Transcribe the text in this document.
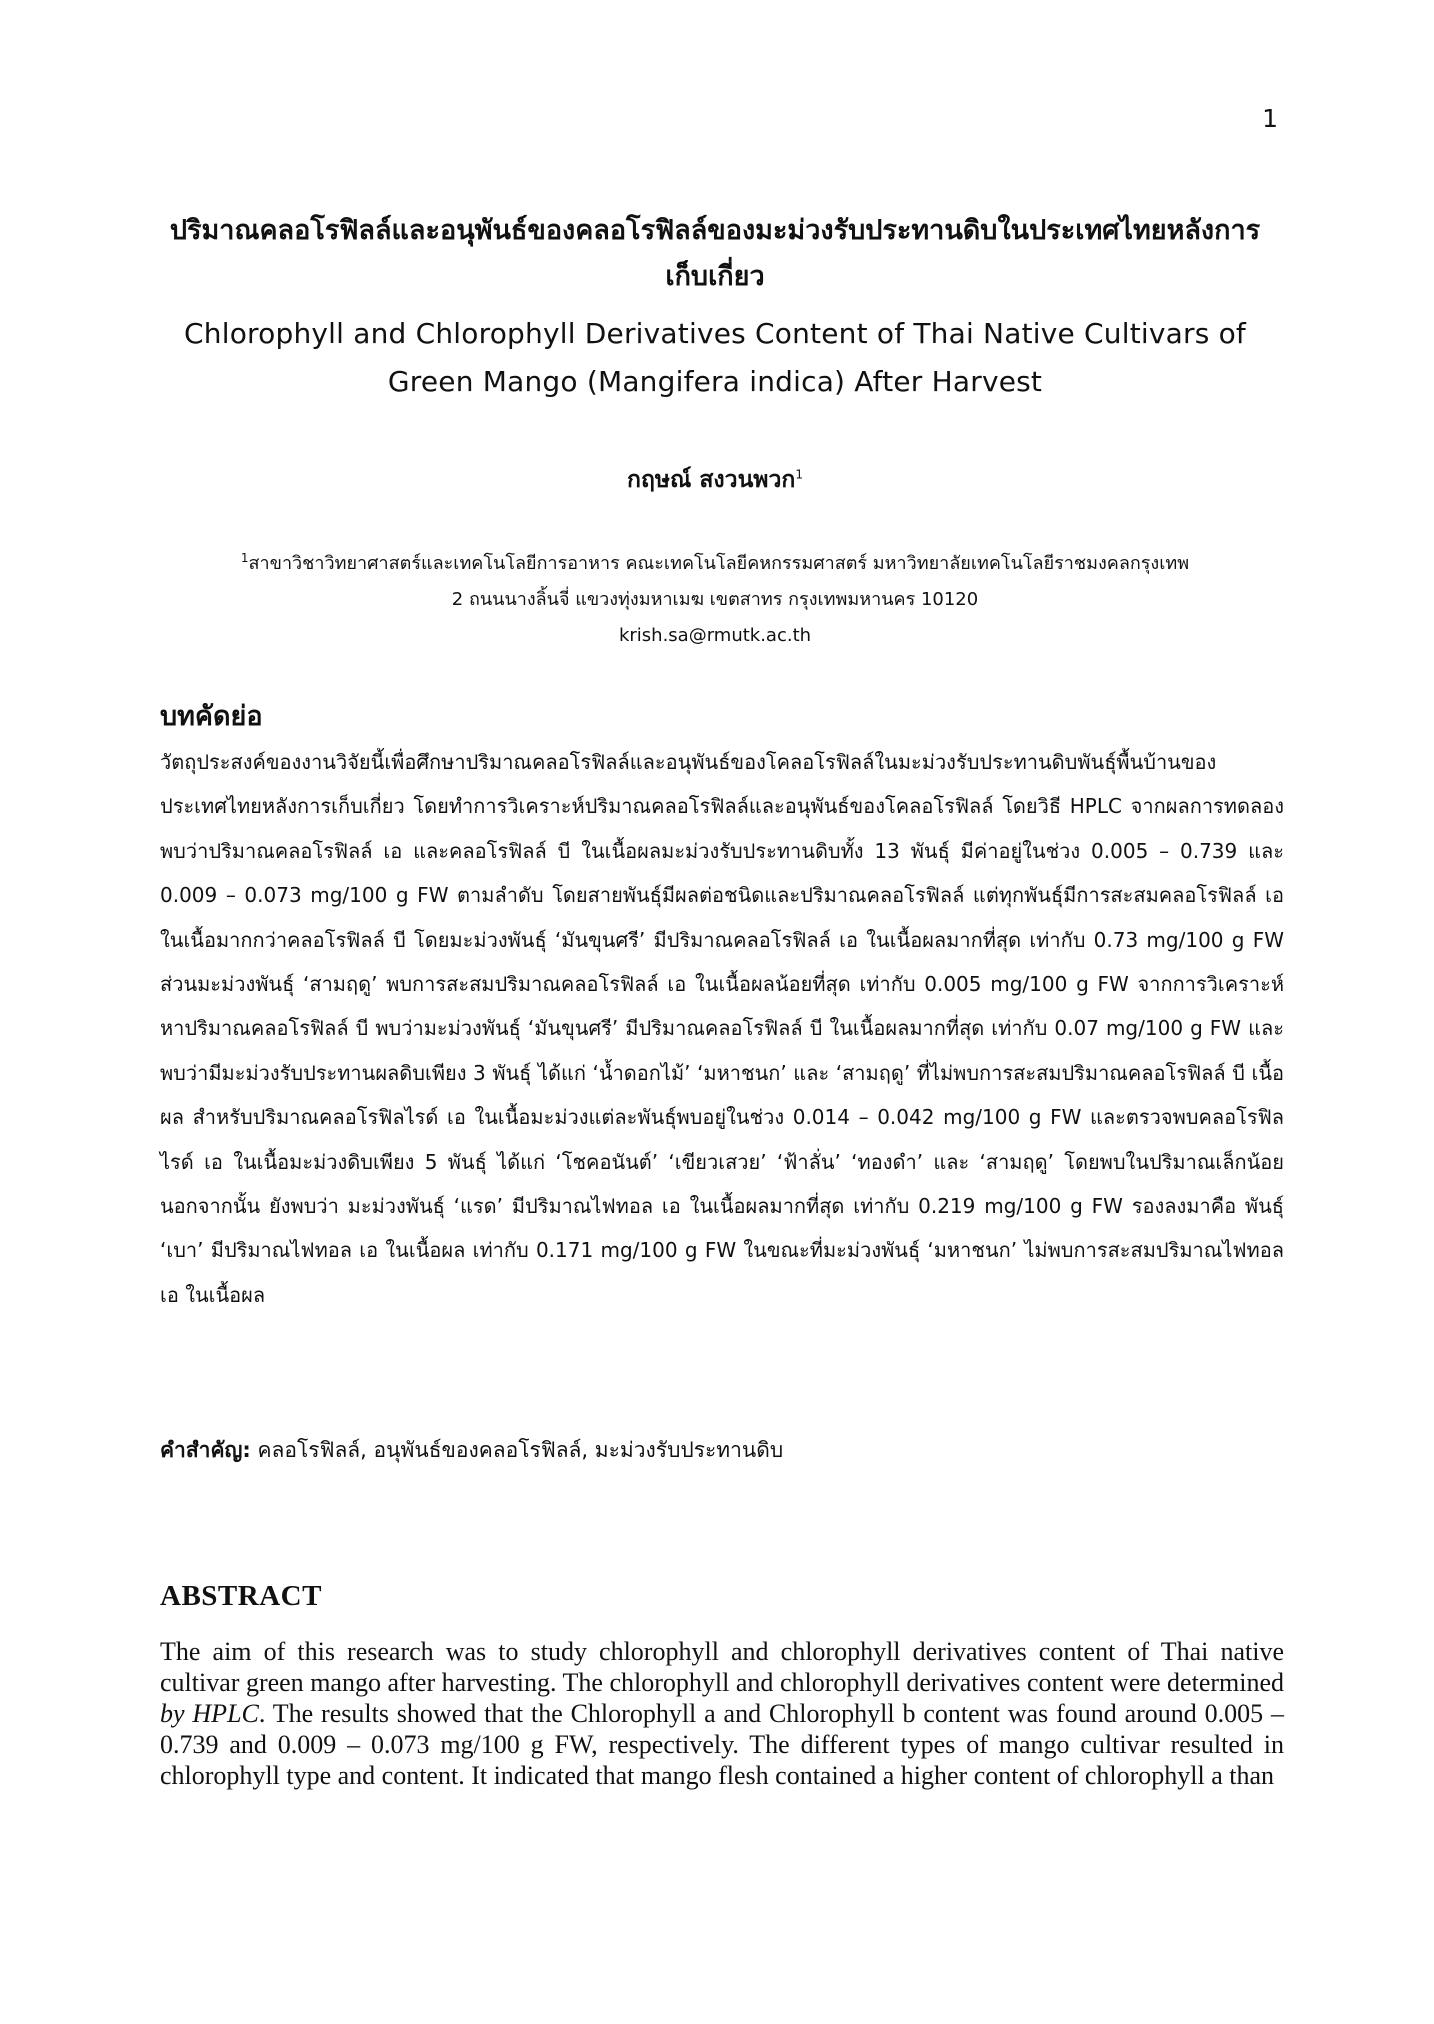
1

ปริมาณคลอโรฟิลล์และอนุพันธ์ของคลอโรฟิลล์ของมะม่วงรับประทานดิบในประเทศไทยหลังการเก็บเกี่ยว

Chlorophyll and Chlorophyll Derivatives Content of Thai Native Cultivars of Green Mango (Mangifera indica) After Harvest

กฤษณ์ สงวนพวก$^1$

$^1$สาขาวิชาวิทยาศาสตร์และเทคโนโลยีการอาหาร คณะเทคโนโลยีคหกรรมศาสตร์ มหาวิทยาลัยเทคโนโลยีราชมงคลกรุงเทพ

2 ถนนนางลิ้นจี่ แขวงทุ่งมหาเมฆ เขตสาทร กรุงเทพมหานคร 10120

krish.sa@rmutk.ac.th

บทคัดย่อ

วัตถุประสงค์ของงานวิจัยนี้เพื่อศึกษาปริมาณคลอโรฟิลล์และอนุพันธ์ของโคลอโรฟิลล์ในมะม่วงรับประทานดิบพันธุ์พื้นบ้านของประเทศไทยหลังการเก็บเกี่ยว โดยทำการวิเคราะห์ปริมาณคลอโรฟิลล์และอนุพันธ์ของโคลอโรฟิลล์ โดยวิธี HPLC จากผลการทดลองพบว่าปริมาณคลอโรฟิลล์ เอ และคลอโรฟิลล์ บี ในเนื้อผลมะม่วงรับประทานดิบทั้ง 13 พันธุ์ มีค่าอยู่ในช่วง 0.005 – 0.739 และ 0.009 – 0.073 mg/100 g FW ตามลำดับ โดยสายพันธุ์มีผลต่อชนิดและปริมาณคลอโรฟิลล์ แต่ทุกพันธุ์มีการสะสมคลอโรฟิลล์ เอ ในเนื้อมากกว่าคลอโรฟิลล์ บี โดยมะม่วงพันธุ์ ‘มันขุนศรี’ มีปริมาณคลอโรฟิลล์ เอ ในเนื้อผลมากที่สุด เท่ากับ 0.73 mg/100 g FW ส่วนมะม่วงพันธุ์ ‘สามฤดู’ พบการสะสมปริมาณคลอโรฟิลล์ เอ ในเนื้อผลน้อยที่สุด เท่ากับ 0.005 mg/100 g FW จากการวิเคราะห์หาปริมาณคลอโรฟิลล์ บี พบว่ามะม่วงพันธุ์ ‘มันขุนศรี’ มีปริมาณคลอโรฟิลล์ บี ในเนื้อผลมากที่สุด เท่ากับ 0.07 mg/100 g FW และพบว่ามีมะม่วงรับประทานผลดิบเพียง 3 พันธุ์ ได้แก่ ‘น้ำดอกไม้’ ‘มหาชนก’ และ ‘สามฤดู’ ที่ไม่พบการสะสมปริมาณคลอโรฟิลล์ บี เนื้อผล สำหรับปริมาณคลอโรฟิลไรด์ เอ ในเนื้อมะม่วงแต่ละพันธุ์พบอยู่ในช่วง 0.014 – 0.042 mg/100 g FW และตรวจพบคลอโรฟิลไรด์ เอ ในเนื้อมะม่วงดิบเพียง 5 พันธุ์ ได้แก่ ‘โชคอนันต์’ ‘เขียวเสวย’ ‘ฟ้าลั่น’ ‘ทองดำ’ และ ‘สามฤดู’ โดยพบในปริมาณเล็กน้อย นอกจากนั้น ยังพบว่า มะม่วงพันธุ์ ‘แรด’ มีปริมาณไฟทอล เอ ในเนื้อผลมากที่สุด เท่ากับ 0.219 mg/100 g FW รองลงมาคือ พันธุ์ ‘เบา’ มีปริมาณไฟทอล เอ ในเนื้อผล เท่ากับ 0.171 mg/100 g FW ในขณะที่มะม่วงพันธุ์ ‘มหาชนก’ ไม่พบการสะสมปริมาณไฟทอล เอ ในเนื้อผล

คำสำคัญ: คลอโรฟิลล์, อนุพันธ์ของคลอโรฟิลล์, มะม่วงรับประทานดิบ
ABSTRACT

The aim of this research was to study chlorophyll and chlorophyll derivatives content of Thai native cultivar green mango after harvesting. The chlorophyll and chlorophyll derivatives content were determined by HPLC. The results showed that the Chlorophyll a and Chlorophyll b content was found around 0.005 – 0.739 and 0.009 – 0.073 mg/100 g FW, respectively. The different types of mango cultivar resulted in chlorophyll type and content. It indicated that mango flesh contained a higher content of chlorophyll a than
